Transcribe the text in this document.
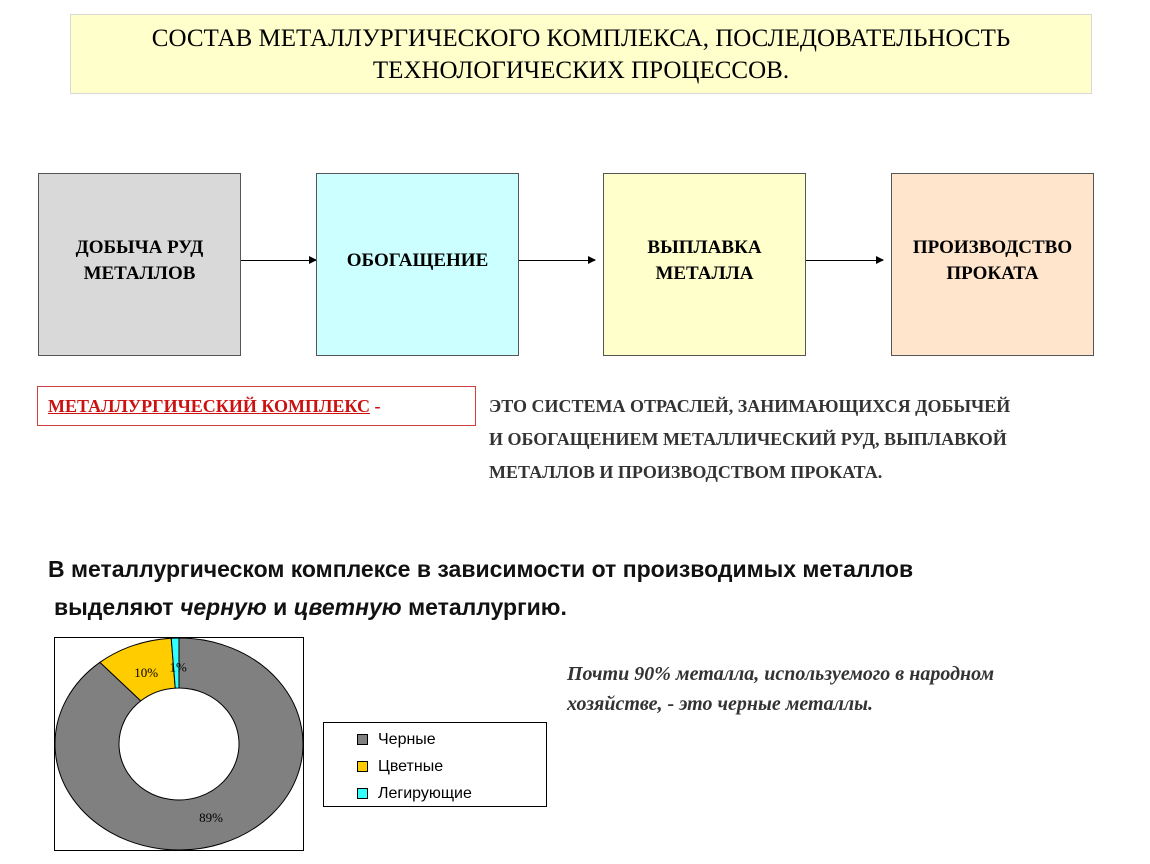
СОСТАВ МЕТАЛЛУРГИЧЕСКОГО КОМПЛЕКСА, ПОСЛЕДОВАТЕЛЬНОСТЬ
ТЕХНОЛОГИЧЕСКИХ ПРОЦЕССОВ.
ДОБЫЧА РУД
МЕТАЛЛОВ
ОБОГАЩЕНИЕ
ВЫПЛАВКА
МЕТАЛЛА
ПРОИЗВОДСТВО
ПРОКАТА
МЕТАЛЛУРГИЧЕСКИЙ КОМПЛЕКС -	ЭТО СИСТЕМА ОТРАСЛЕЙ, ЗАНИМАЮЩИХСЯ ДОБЫЧЕЙ
И ОБОГАЩЕНИЕМ МЕТАЛЛИЧЕСКИЙ РУД, ВЫПЛАВКОЙ
МЕТАЛЛОВ И ПРОИЗВОДСТВОМ ПРОКАТА.
В металлургическом комплексе в зависимости от производимых металлов
выделяют черную и цветную металлургию.
89%
10% 1%
Черные
Цветные
Легирующие
Почти 90% металла, используемого в народном
хозяйстве, - это черные металлы.
